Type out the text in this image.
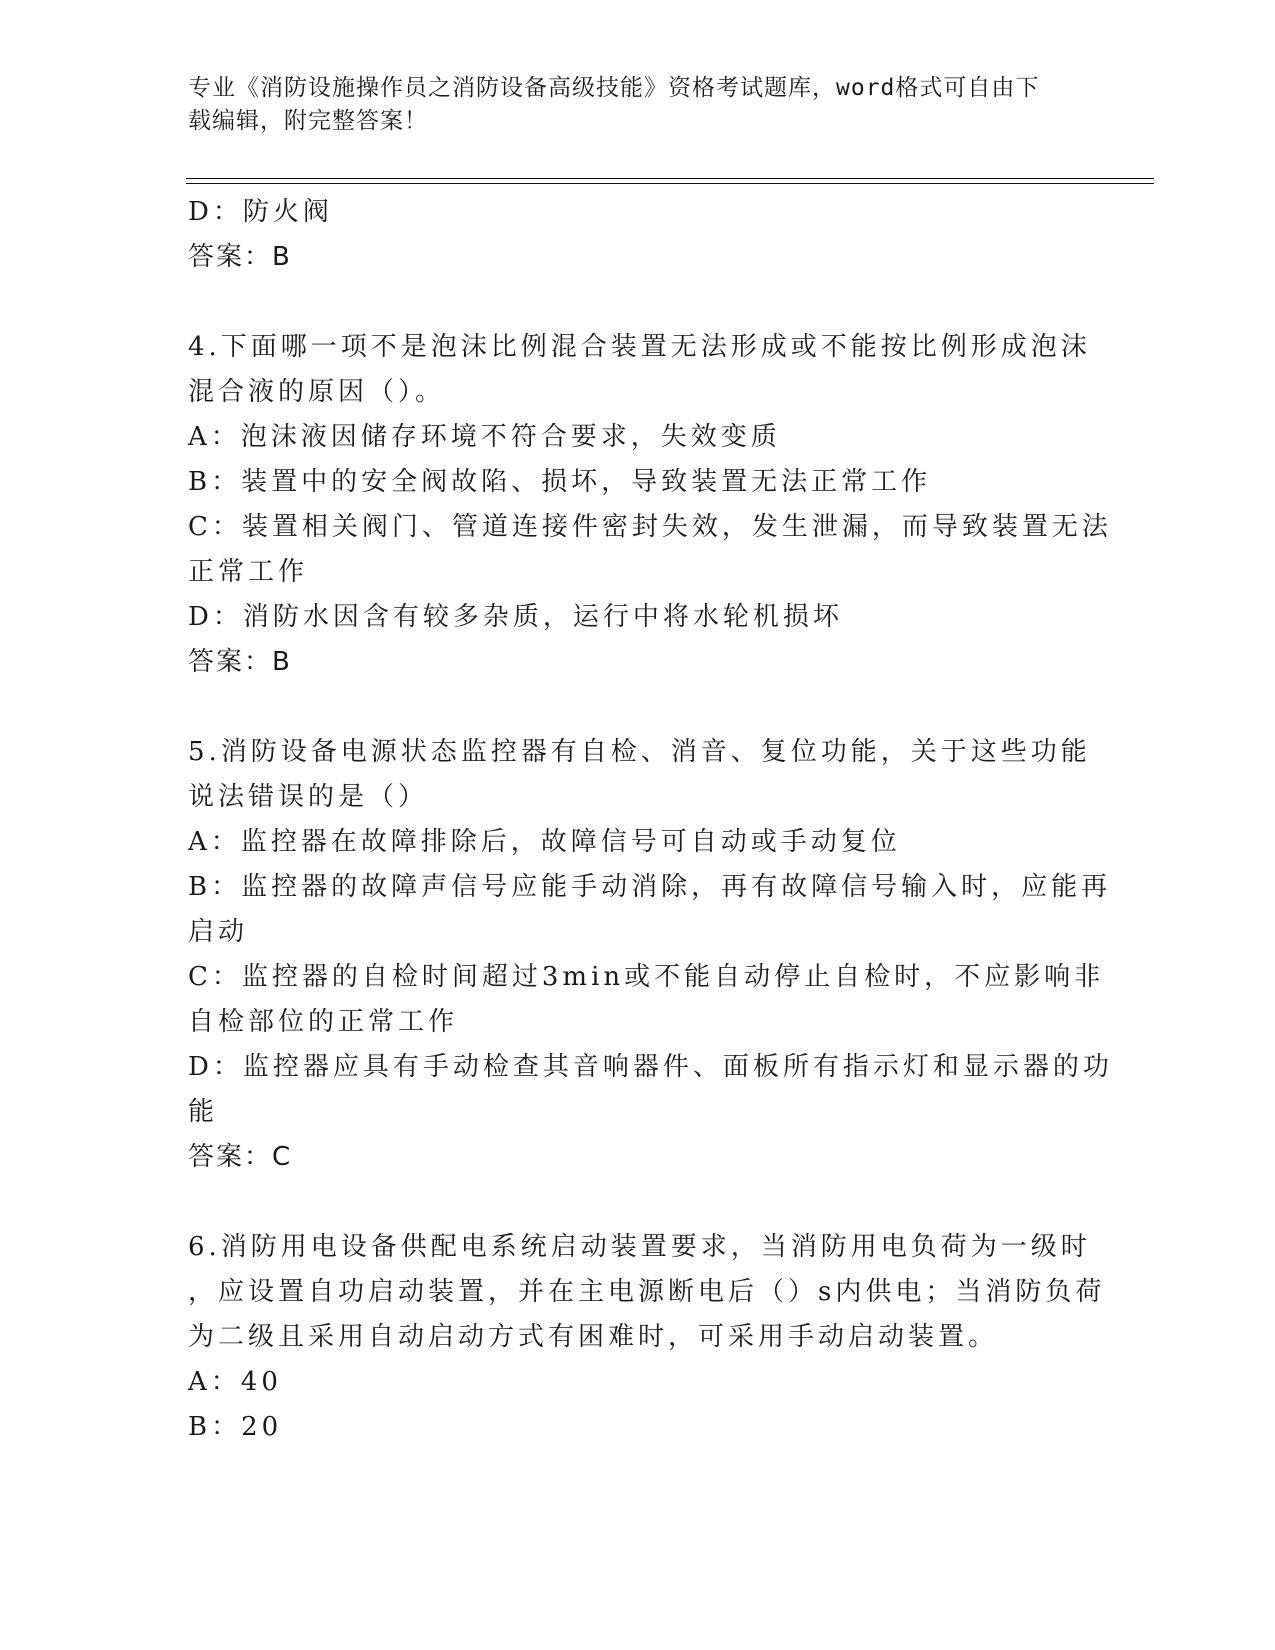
专业《消防设施操作员之消防设备高级技能》资格考试题库，word格式可自由下
载编辑，附完整答案！
D：防火阀
答案：B
4.下面哪一项不是泡沫比例混合装置无法形成或不能按比例形成泡沫
混合液的原因（）。
A：泡沫液因储存环境不符合要求，失效变质
B：装置中的安全阀故陷、损坏，导致装置无法正常工作
C：装置相关阀门、管道连接件密封失效，发生泄漏，而导致装置无法
正常工作
D：消防水因含有较多杂质，运行中将水轮机损坏
答案：B
5.消防设备电源状态监控器有自检、消音、复位功能，关于这些功能
说法错误的是（）
A：监控器在故障排除后，故障信号可自动或手动复位
B：监控器的故障声信号应能手动消除，再有故障信号输入时，应能再
启动
C：监控器的自检时间超过3min或不能自动停止自检时，不应影响非
自检部位的正常工作
D：监控器应具有手动检查其音响器件、面板所有指示灯和显示器的功
能
答案：C
6.消防用电设备供配电系统启动装置要求，当消防用电负荷为一级时
，应设置自功启动装置，并在主电源断电后（）s内供电；当消防负荷
为二级且采用自动启动方式有困难时，可采用手动启动装置。
A：40
B：20
